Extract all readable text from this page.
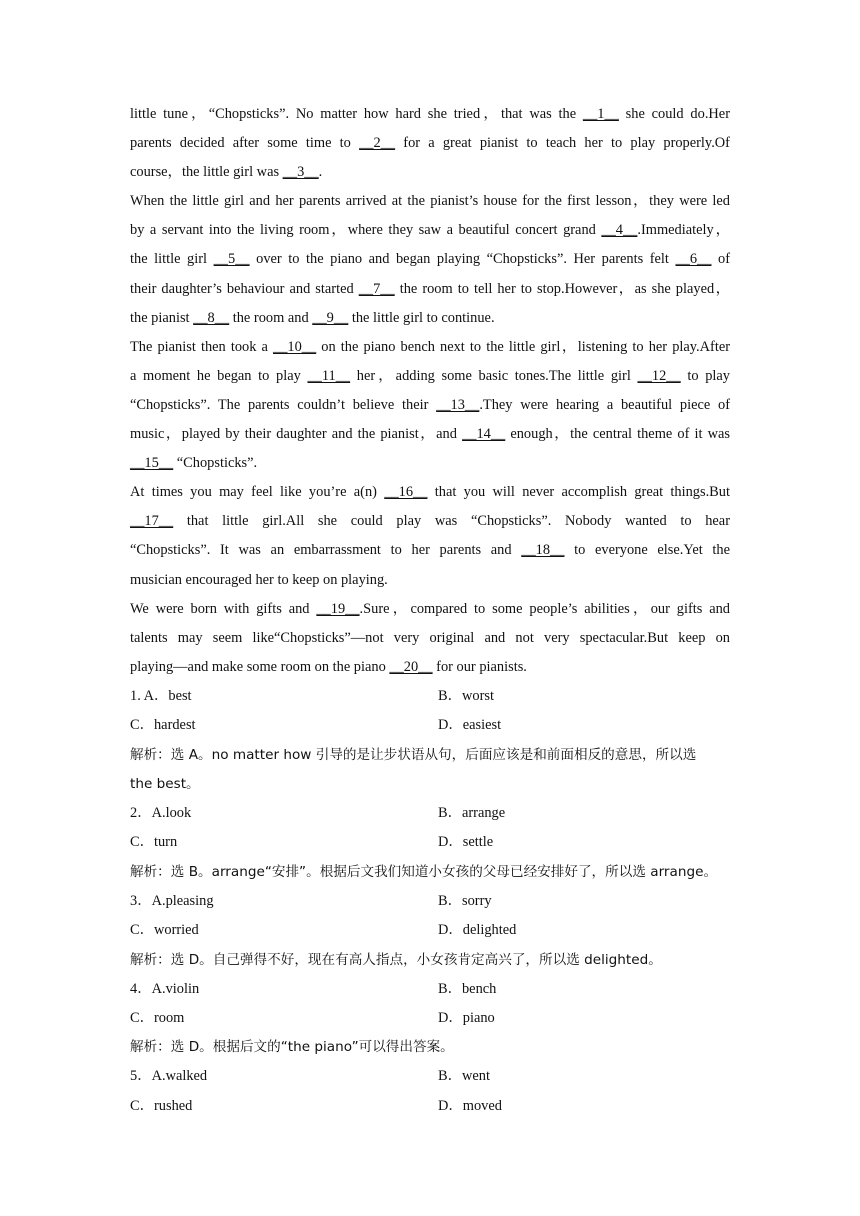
little tune，“Chopsticks”. No matter how hard she tried，that was the __1__ she could do.Her
parents decided after some time to __2__ for a great pianist to teach her to play properly.Of
course，the little girl was __3__.
When the little girl and her parents arrived at the pianist’s house for the first lesson，they were led
by a servant into the living room，where they saw a beautiful concert grand __4__.Immediately，
the little girl __5__ over to the piano and began playing “Chopsticks”. Her parents felt __6__ of
their daughter’s behaviour and started __7__ the room to tell her to stop.However，as she played，
the pianist __8__ the room and __9__ the little girl to continue.
The pianist then took a __10__ on the piano bench next to the little girl，listening to her play.After
a moment he began to play __11__ her，adding some basic tones.The little girl __12__ to play
“Chopsticks”. The parents couldn’t believe their __13__.They were hearing a beautiful piece of
music，played by their daughter and the pianist，and __14__ enough，the central theme of it was
__15__ “Chopsticks”.
At times you may feel like you’re a(n) __16__ that you will never accomplish great things.But
__17__ that little girl.All she could play was “Chopsticks”. Nobody wanted to hear
“Chopsticks”. It was an embarrassment to her parents and __18__ to everyone else.Yet the
musician encouraged her to keep on playing.
We were born with gifts and __19__.Sure，compared to some people’s abilities，our gifts and
talents may seem like“Chopsticks”—not very original and not very spectacular.But keep on
playing—and make some room on the piano __20__ for our pianists.
1. A．best	B．worst
C．hardest	D．easiest
解析：选 A。no matter how 引导的是让步状语从句，后面应该是和前面相反的意思，所以选
the best。
2．A.look	B．arrange
C．turn	D．settle
解析：选 B。arrange“安排”。根据后文我们知道小女孩的父母已经安排好了，所以选 arrange。
3．A.pleasing	B．sorry
C．worried	D．delighted
解析：选 D。自己弹得不好，现在有高人指点，小女孩肯定高兴了，所以选 delighted。
4．A.violin	B．bench
C．room	D．piano
解析：选 D。根据后文的“the piano”可以得出答案。
5．A.walked	B．went
C．rushed	D．moved
